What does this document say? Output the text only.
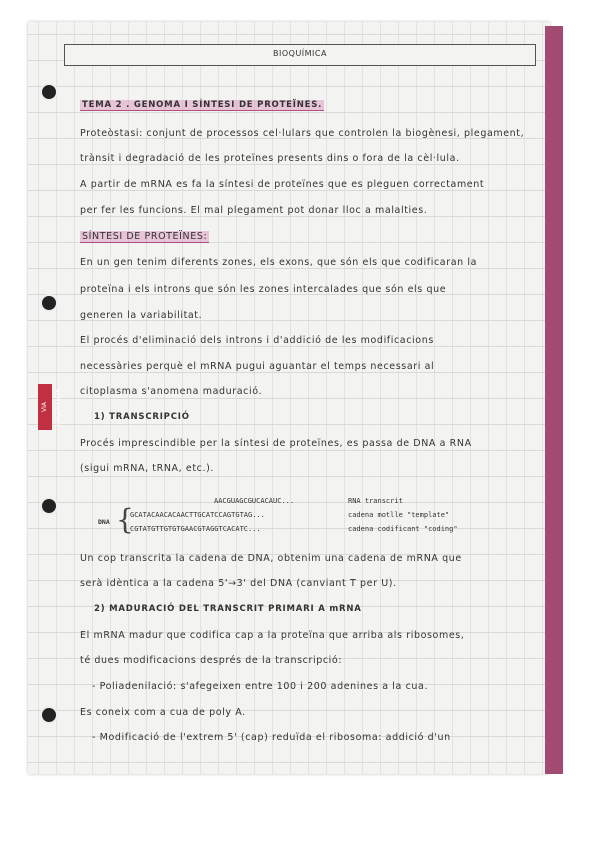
VIA ENSEÑANZA
BIOQUÍMICA
TEMA 2 . GENOMA I SÍNTESI DE PROTEÏNES.
Proteòstasi: conjunt de processos cel·lulars que controlen la biogènesi, plegament,
trànsit i degradació de les proteïnes presents dins o fora de la cèl·lula.
A partir de mRNA es fa la síntesi de proteïnes que es pleguen correctament
per fer les funcions. El mal plegament pot donar lloc a malalties.
SÍNTESI DE PROTEÏNES:
En un gen tenim diferents zones, els exons, que són els que codificaran la
proteïna i els introns que són les zones intercalades que són els que
generen la variabilitat.
El procés d'eliminació dels introns i d'addició de les modificacions
necessàries perquè el mRNA pugui aguantar el temps necessari al
citoplasma s'anomena maduració.
1) TRANSCRIPCIÓ
Procés imprescindible per la síntesi de proteïnes, es passa de DNA a RNA
(sigui mRNA, tRNA, etc.).
Un cop transcrita la cadena de DNA, obtenim una cadena de mRNA que
serà idèntica a la cadena 5'→3' del DNA (canviant T per U).
2) MADURACIÓ DEL TRANSCRIT PRIMARI A mRNA
El mRNA madur que codifica cap a la proteïna que arriba als ribosomes,
té dues modificacions després de la transcripció:
- Poliadenilació: s'afegeixen entre 100 i 200 adenines a la cua.
Es coneix com a cua de poly A.
- Modificació de l'extrem 5' (cap) reduïda el ribosoma: addició d'un
{
DNA
AACGUAGCGUCACAUC...	RNA transcrit
GCATACAACACAACTTGCATCCAGTGTAG...	cadena motlle "template"
CGTATGTTGTGTGAACGTAGGTCACATC...	cadena codificant "coding"
